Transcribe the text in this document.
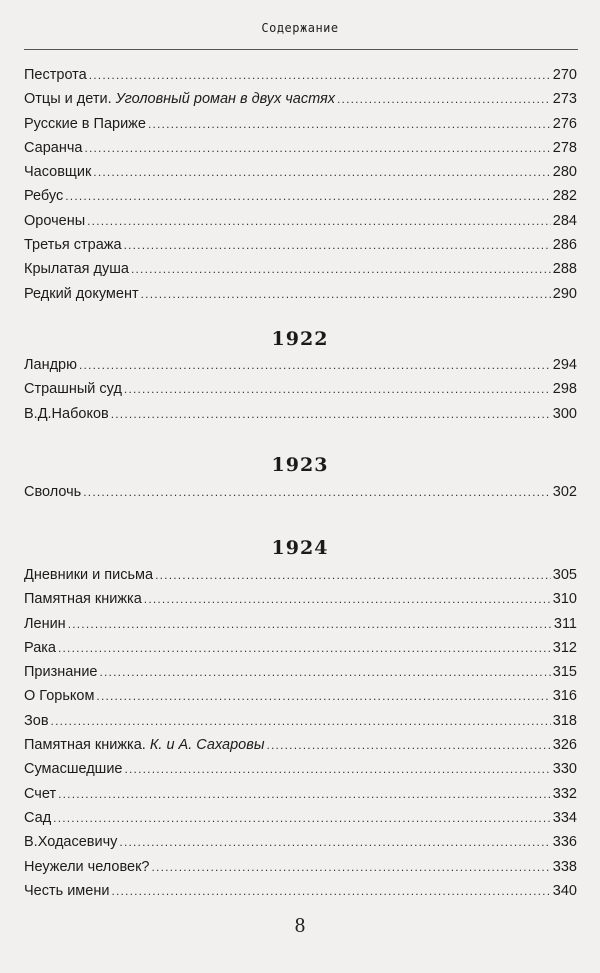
Содержание
Пестрота .....	270
Отцы и дети. Уголовный роман в двух частях .....	273
Русские в Париже .....	276
Саранча .....	278
Часовщик .....	280
Ребус .....	282
Орочены .....	284
Третья стража .....	286
Крылатая душа .....	288
Редкий документ .....	290
1922
Ландрю .....	294
Страшный суд .....	298
В.Д.Набоков .....	300
1923
Сволочь .....	302
1924
Дневники и письма .....	305
Памятная книжка .....	310
Ленин .....	311
Рака .....	312
Признание .....	315
О Горьком .....	316
Зов .....	318
Памятная книжка. К. и А. Сахаровы .....	326
Сумасшедшие .....	330
Счет .....	332
Сад .....	334
В.Ходасевичу .....	336
Неужели человек? .....	338
Честь имени .....	340
8
